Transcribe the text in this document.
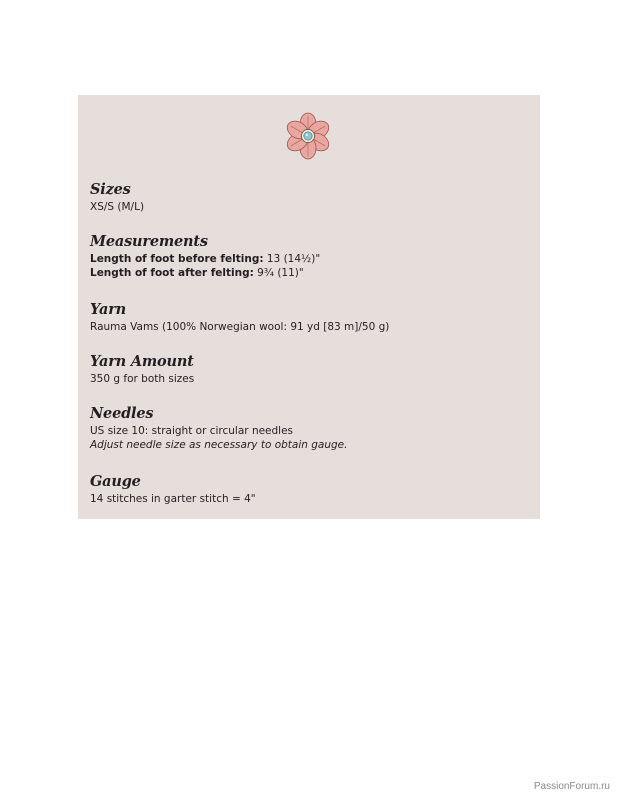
Sizes

XS/S (M/L)

Measurements

Length of foot before felting: 13 (14½)"

Length of foot after felting: 9¾ (11)"

Yarn

Rauma Vams (100% Norwegian wool: 91 yd [83 m]/50 g)

Yarn Amount

350 g for both sizes

Needles

US size 10: straight or circular needles

Adjust needle size as necessary to obtain gauge.

Gauge

14 stitches in garter stitch = 4"

PassionForum.ru
